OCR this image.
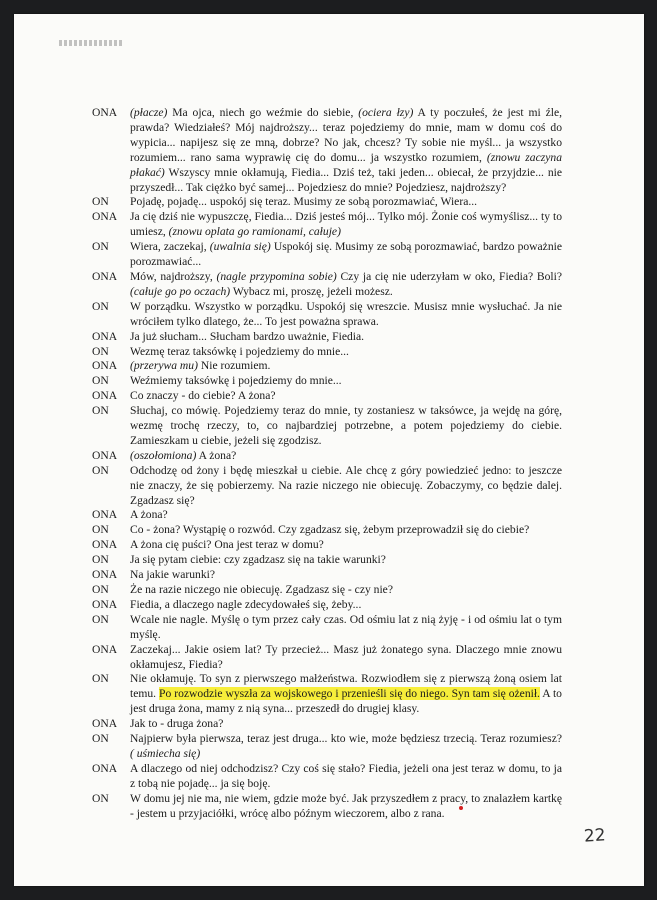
ONA	(płacze) Ma ojca, niech go weźmie do siebie, (ociera łzy) A ty poczułeś, że jest mi źle, prawda? Wiedziałeś? Mój najdroższy... teraz pojedziemy do mnie, mam w domu coś do wypicia... napijesz się ze mną, dobrze? No jak, chcesz? Ty sobie nie myśl... ja wszystko rozumiem... rano sama wyprawię cię do domu... ja wszystko rozumiem, (znowu zaczyna płakać) Wszyscy mnie okłamują, Fiedia... Dziś też, taki jeden... obiecał, że przyjdzie... nie przyszedł... Tak ciężko być samej... Pojedziesz do mnie? Pojedziesz, najdroższy?
ON	Pojadę, pojadę... uspokój się teraz. Musimy ze sobą porozmawiać, Wiera...
ONA	Ja cię dziś nie wypuszczę, Fiedia... Dziś jesteś mój... Tylko mój. Żonie coś wymyślisz... ty to umiesz, (znowu oplata go ramionami, całuje)
ON	Wiera, zaczekaj, (uwalnia się) Uspokój się. Musimy ze sobą porozmawiać, bardzo poważnie porozmawiać...
ONA	Mów, najdroższy, (nagle przypomina sobie) Czy ja cię nie uderzyłam w oko, Fiedia? Boli? (całuje go po oczach) Wybacz mi, proszę, jeżeli możesz.
ON	W porządku. Wszystko w porządku. Uspokój się wreszcie. Musisz mnie wysłuchać. Ja nie wróciłem tylko dlatego, że... To jest poważna sprawa.
ONA	Ja już słucham... Słucham bardzo uważnie, Fiedia.
ON	Wezmę teraz taksówkę i pojedziemy do mnie...
ONA	(przerywa mu) Nie rozumiem.
ON	Weźmiemy taksówkę i pojedziemy do mnie...
ONA	Co znaczy - do ciebie? A żona?
ON	Słuchaj, co mówię. Pojedziemy teraz do mnie, ty zostaniesz w taksówce, ja wejdę na górę, wezmę trochę rzeczy, to, co najbardziej potrzebne, a potem pojedziemy do ciebie. Zamieszkam u ciebie, jeżeli się zgodzisz.
ONA	(oszołomiona) A żona?
ON	Odchodzę od żony i będę mieszkał u ciebie. Ale chcę z góry powiedzieć jedno: to jeszcze nie znaczy, że się pobierzemy. Na razie niczego nie obiecuję. Zobaczymy, co będzie dalej. Zgadzasz się?
ONA	A żona?
ON	Co - żona? Wystąpię o rozwód. Czy zgadzasz się, żebym przeprowadził się do ciebie?
ONA	A żona cię puści? Ona jest teraz w domu?
ON	Ja się pytam ciebie: czy zgadzasz się na takie warunki?
ONA	Na jakie warunki?
ON	Że na razie niczego nie obiecuję. Zgadzasz się - czy nie?
ONA	Fiedia, a dlaczego nagle zdecydowałeś się, żeby...
ON	Wcale nie nagle. Myślę o tym przez cały czas. Od ośmiu lat z nią żyję - i od ośmiu lat o tym myślę.
ONA	Zaczekaj... Jakie osiem lat? Ty przecież... Masz już żonatego syna. Dlaczego mnie znowu okłamujesz, Fiedia?
ON	Nie okłamuję. To syn z pierwszego małżeństwa. Rozwiodłem się z pierwszą żoną osiem lat temu. Po rozwodzie wyszła za wojskowego i przenieśli się do niego. Syn tam się ożenił. A to jest druga żona, mamy z nią syna... przeszedł do drugiej klasy.
ONA	Jak to - druga żona?
ON	Najpierw była pierwsza, teraz jest druga... kto wie, może będziesz trzecią. Teraz rozumiesz? ( uśmiecha się)
ONA	A dlaczego od niej odchodzisz? Czy coś się stało? Fiedia, jeżeli ona jest teraz w domu, to ja z tobą nie pojadę... ja się boję.
ON	W domu jej nie ma, nie wiem, gdzie może być. Jak przyszedłem z pracy, to znalazłem kartkę - jestem u przyjaciółki, wrócę albo późnym wieczorem, albo z rana.
22
